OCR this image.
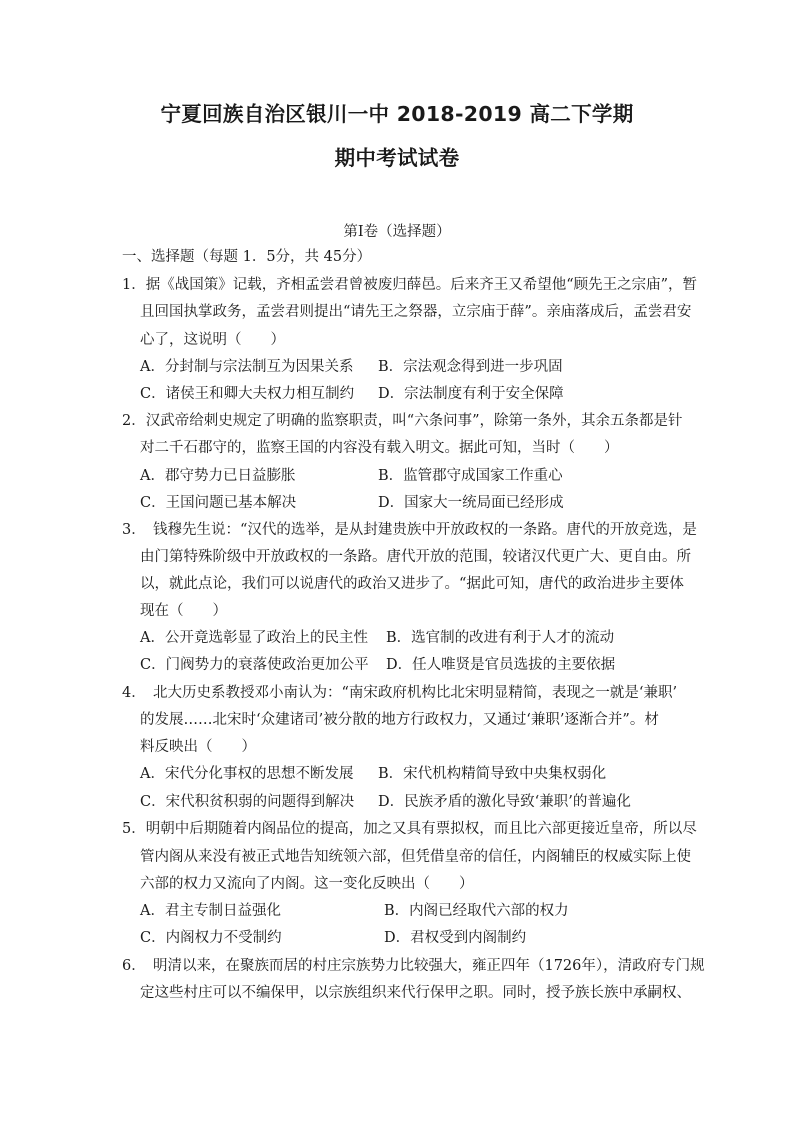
宁夏回族自治区银川一中 2018-2019 高二下学期
期中考试试卷
第Ⅰ卷（选择题）
一、选择题（每题 1．5分，共 45分）
1．据《战国策》记载，齐相孟尝君曾被废归薛邑。后来齐王又希望他“顾先王之宗庙”，暂
且回国执掌政务，孟尝君则提出“请先王之祭器，立宗庙于薛”。亲庙落成后，孟尝君安
心了，这说明（　　）
A．分封制与宗法制互为因果关系 B．宗法观念得到进一步巩固
C．诸侯王和卿大夫权力相互制约 D．宗法制度有利于安全保障
2．汉武帝给刺史规定了明确的监察职责，叫“六条问事”，除第一条外，其余五条都是针
对二千石郡守的，监察王国的内容没有载入明文。据此可知，当时（　　）
A．郡守势力已日益膨胀	B．监管郡守成国家工作重心
C．王国问题已基本解决	D．国家大一统局面已经形成
3．　钱穆先生说：“汉代的选举，是从封建贵族中开放政权的一条路。唐代的开放竞选，是
由门第特殊阶级中开放政权的一条路。唐代开放的范围，较诸汉代更广大、更自由。所
以，就此点论，我们可以说唐代的政治又进步了。“据此可知，唐代的政治进步主要体
现在（　　）
A．公开竟选彰显了政治上的民主性 B．选官制的改进有利于人才的流动
C．门阀势力的衰落使政治更加公平 D．任人唯贤是官员选拔的主要依据
4．　北大历史系教授邓小南认为：“南宋政府机构比北宋明显精简，表现之一就是‘兼职’
的发展……北宋时‘众建诸司’被分散的地方行政权力，又通过‘兼职’逐渐合并”。材
料反映出（　　）
A．宋代分化事权的思想不断发展 B．宋代机构精简导致中央集权弱化
C．宋代积贫积弱的问题得到解决 D．民族矛盾的激化导致‘兼职’的普遍化
5．明朝中后期随着内阁品位的提高，加之又具有票拟权，而且比六部更接近皇帝，所以尽
管内阁从来没有被正式地告知统领六部，但凭借皇帝的信任，内阁辅臣的权威实际上使
六部的权力又流向了内阁。这一变化反映出（　　）
A．君主专制日益强化	B．内阁已经取代六部的权力
C．内阁权力不受制约	D．君权受到内阁制约
6．　明清以来，在聚族而居的村庄宗族势力比较强大，雍正四年（1726年），清政府专门规
定这些村庄可以不编保甲，以宗族组织来代行保甲之职。同时，授予族长族中承嗣权、
